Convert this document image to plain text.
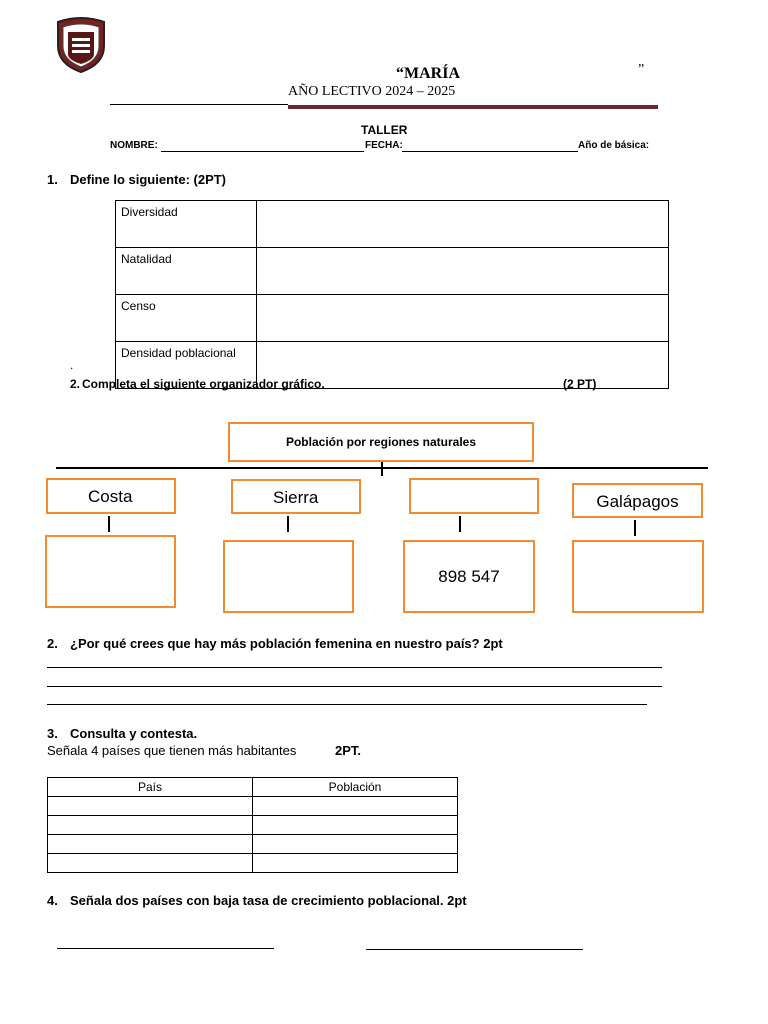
“MARÍA	”
AÑO LECTIVO 2024 – 2025
TALLER
NOMBRE:	FECHA:	Año de básica:
1. Define lo siguiente: (2PT)
Diversidad	
Natalidad	
Censo	
Densidad poblacional	
.
2. Completa el siguiente organizador gráfico.	(2 PT)
Población por regiones naturales
Costa	Sierra	Galápagos
898 547
2. ¿Por qué crees que hay más población femenina en nuestro país? 2pt
3. Consulta y contesta.
Señala 4 países que tienen más habitantes	2PT.
País	Población

4. Señala dos países con baja tasa de crecimiento poblacional. 2pt
